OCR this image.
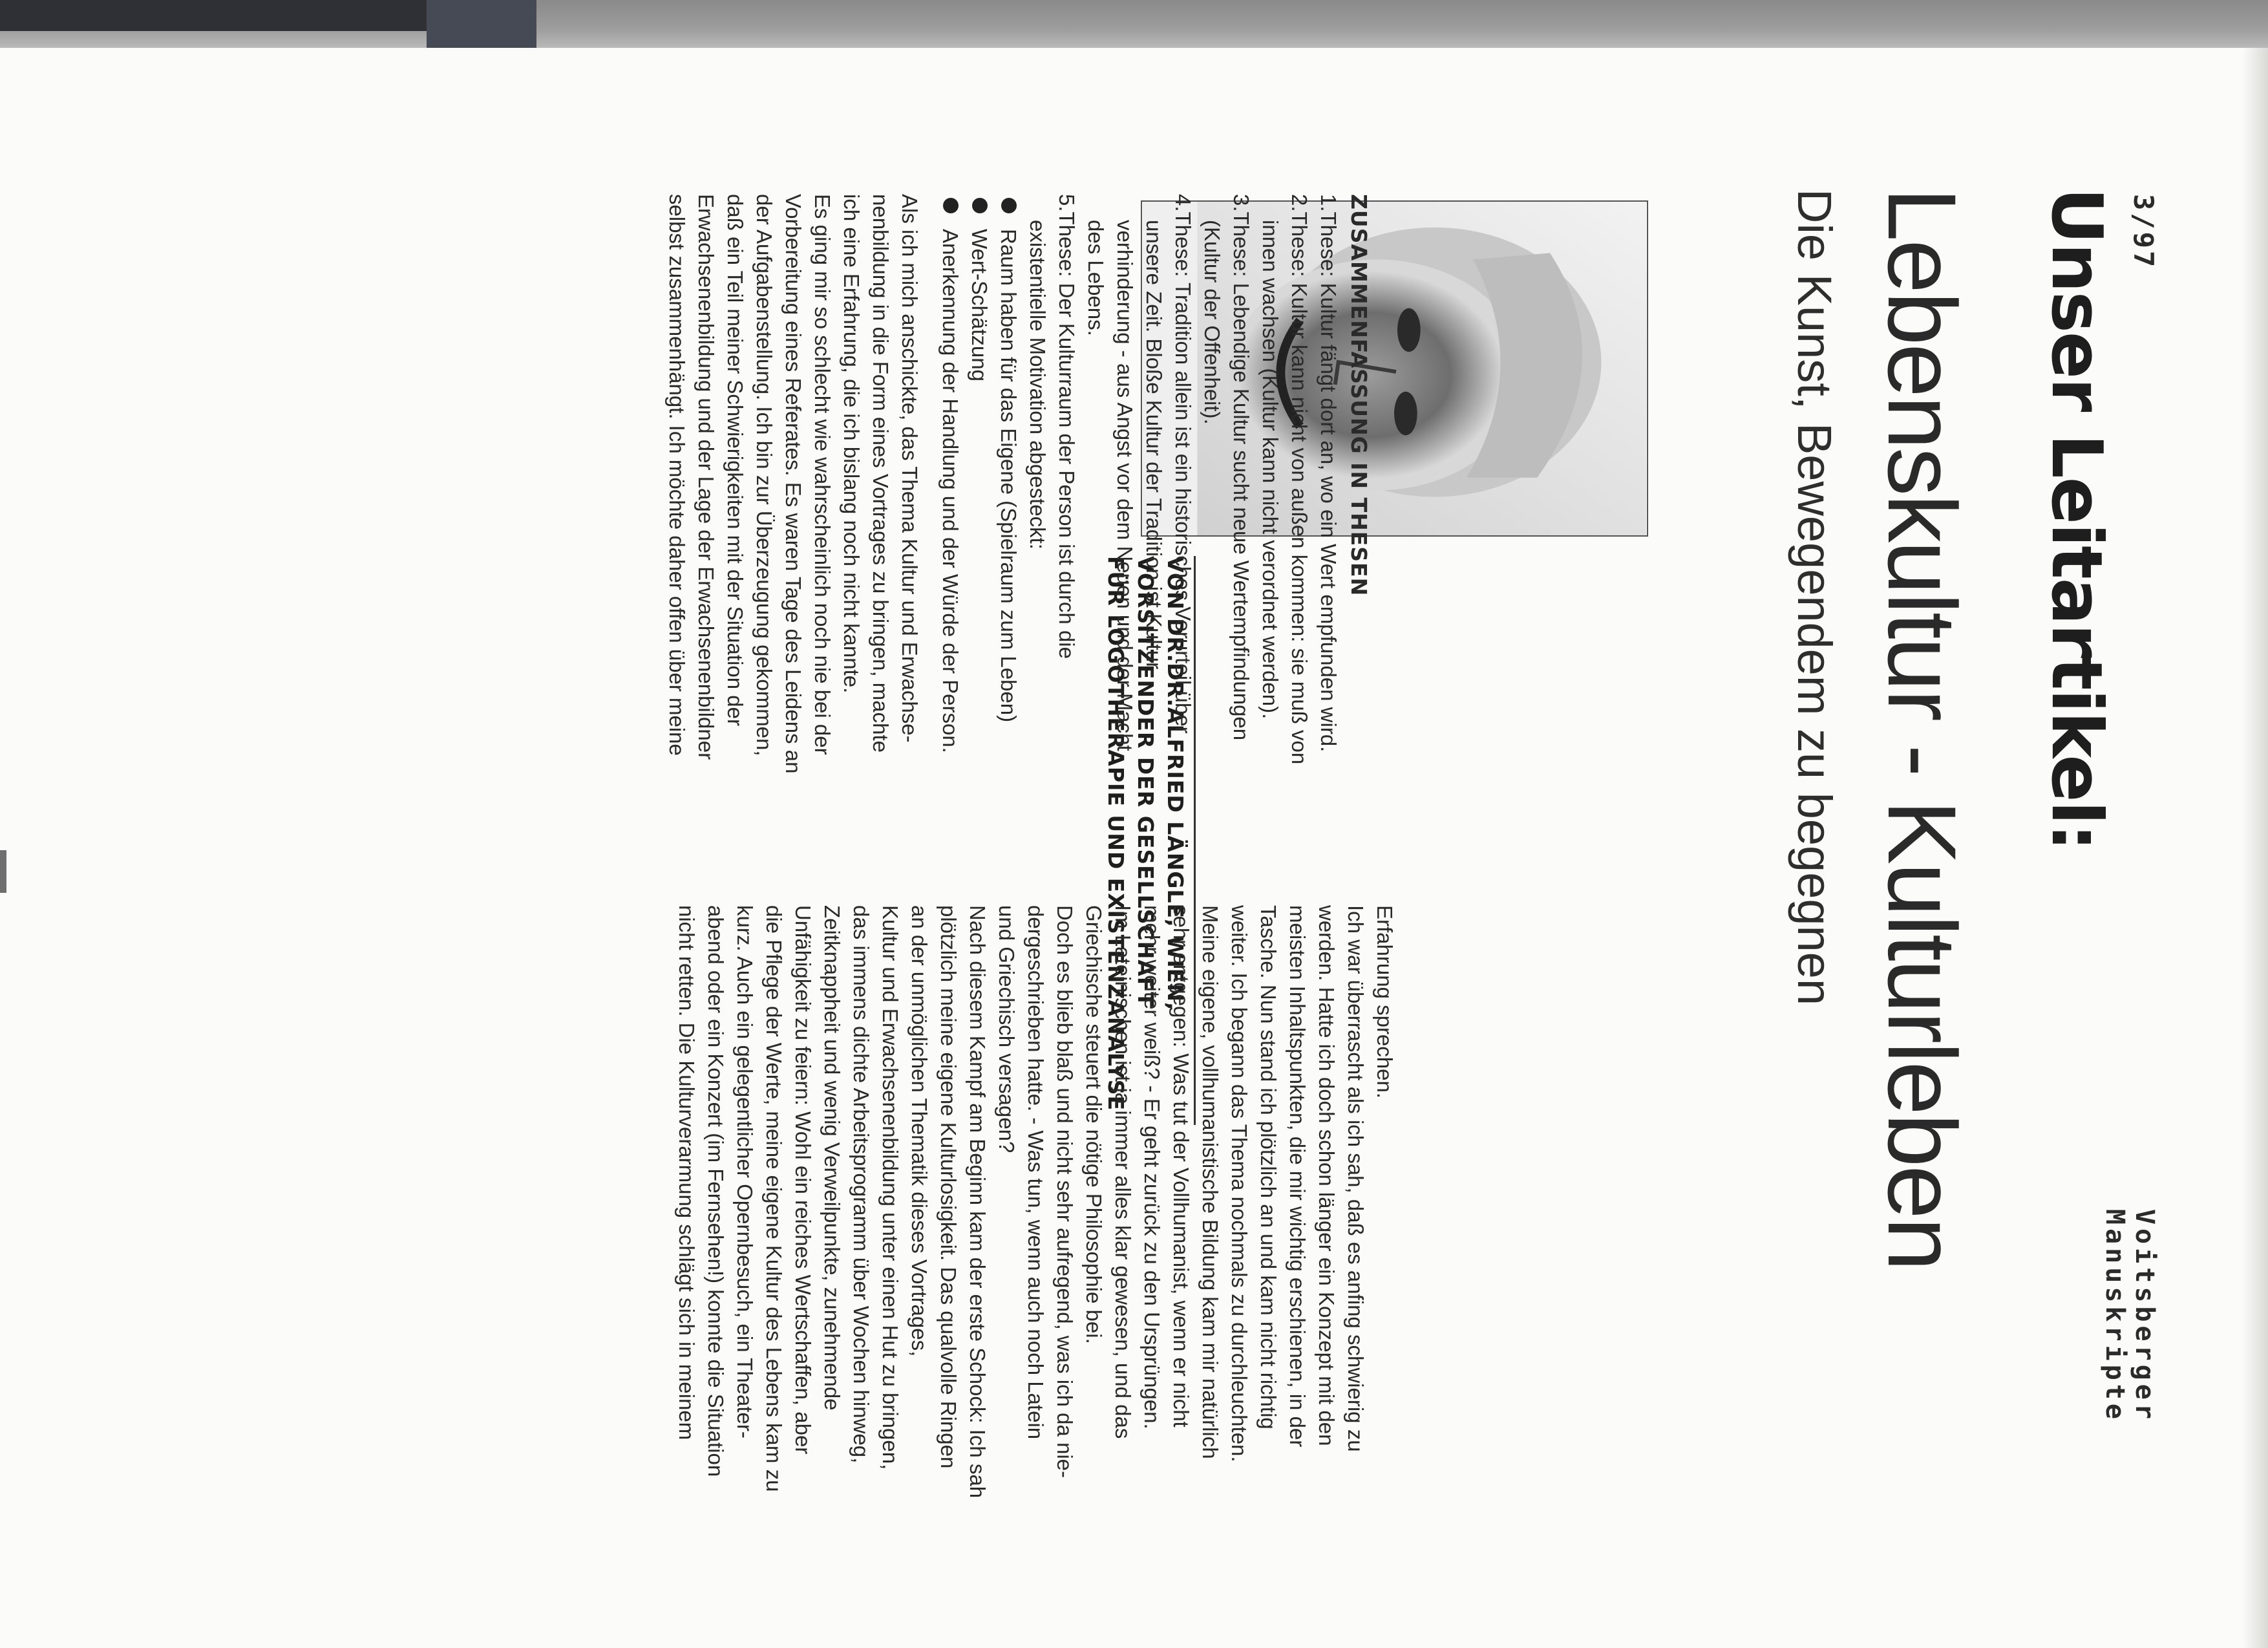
3/97
Voitsberger Manuskripte
Unser Leitartikel:
Lebenskultur - Kulturleben
Die Kunst, Bewegendem zu begegnen
VON DR.DR.ALFRIED LÄNGLE, WIEN,
VORSITZENDER DER GESELLSCHAFT
FÜR LOGOTHERAPIE UND EXISTENZANALYSE
ZUSAMMENFASSUNG IN THESEN
1.These: Kultur fängt dort an, wo ein Wert empfunden wird.
2.These: Kultur kann nicht von außen kommen: sie muß von
innen wachsen (Kultur kann nicht verordnet werden).
3.These: Lebendige Kultur sucht neue Wertempfindungen
(Kultur der Offenheit).
4.These: Tradition allein ist ein historisches Vorurteil über
unsere Zeit. Bloße Kultur der Tradition ist Kultur-
verhinderung - aus Angst vor dem Neuen und der Macht
des Lebens.
5.These: Der Kulturraum der Person ist durch die
existentielle Motivation abgesteckt:
Raum haben für das Eigene (Spielraum zum Leben)
Wert-Schätzung
Anerkennung der Handlung und der Würde der Person.
Als ich mich anschickte, das Thema Kultur und Erwachse-
nenbildung in die Form eines Vortrages zu bringen, machte
ich eine Erfahrung, die ich bislang noch nicht kannte.
Es ging mir so schlecht wie wahrscheinlich noch nie bei der
Vorbereitung eines Referates. Es waren Tage des Leidens an
der Aufgabenstellung. Ich bin zur Überzeugung gekommen,
daß ein Teil meiner Schwierigkeiten mit der Situation der
Erwachsenenbildung und der Lage der Erwachsenenbildner
selbst zusammenhängt. Ich möchte daher offen über meine

Erfahrung sprechen.

Ich war überrascht als ich sah, daß es anfing schwierig zu

werden. Hatte ich doch schon länger ein Konzept mit den

meisten Inhaltspunkten, die mir wichtig erschienen, in der

Tasche. Nun stand ich plötzlich an und kam nicht richtig

weiter. Ich begann das Thema nochmals zu durchleuchten.

Meine eigene, vollhumanistische Bildung kam mir natürlich

sehr entgegen: Was tut der Vollhumanist, wenn er nicht

mehr weiter weiß? - Er geht zurück zu den Ursprüngen.

Im Lateinischen ist ja immer alles klar gewesen, und das

Griechische steuert die nötige Philosophie bei.

Doch es blieb blaß und nicht sehr aufregend, was ich da nie-

dergeschrieben hatte. - Was tun, wenn auch noch Latein

und Griechisch versagen?

Nach diesem Kampf am Beginn kam der erste Schock: Ich sah

plötzlich meine eigene Kulturlosigkeit. Das qualvolle Ringen

an der unmöglichen Thematik dieses Vortrages,

Kultur und Erwachsenenbildung unter einen Hut zu bringen,

das immens dichte Arbeitsprogramm über Wochen hinweg,

Zeitknappheit und wenig Verweilpunkte, zunehmende

Unfähigkeit zu feiern: Wohl ein reiches Wertschaffen, aber

die Pflege der Werte, meine eigene Kultur des Lebens kam zu

kurz. Auch ein gelegentlicher Opernbesuch, ein Theater-

abend oder ein Konzert (im Fernsehen!) konnte die Situation

nicht retten. Die Kulturverarmung schlägt sich in meinem
